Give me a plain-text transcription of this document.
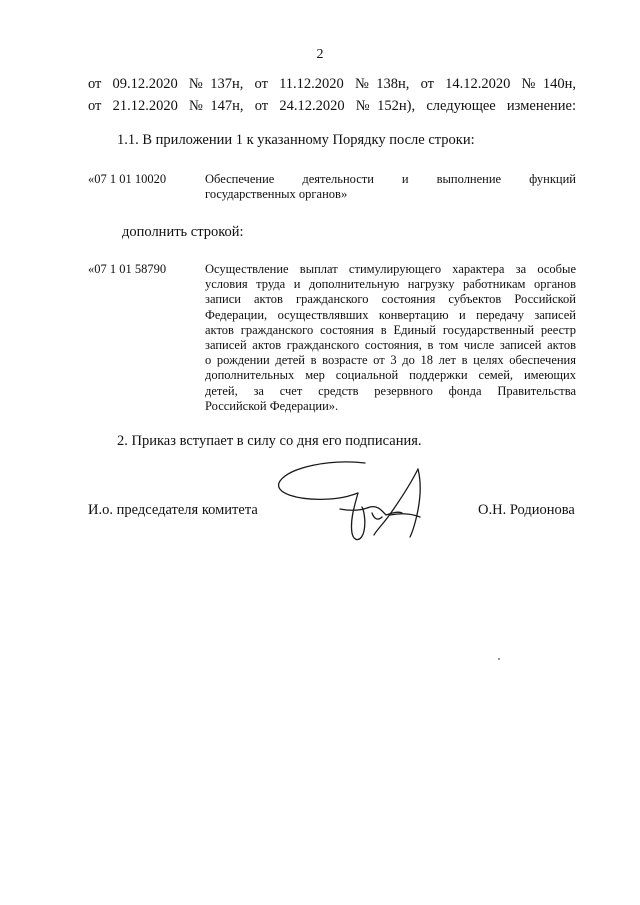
2
от 09.12.2020 №137н, от 11.12.2020 №138н, от 14.12.2020 №140н,
от 21.12.2020 №147н, от 24.12.2020 №152н), следующее изменение:
1.1. В приложении 1 к указанному Порядку после строки:
«07 1 01 10020	Обеспечение деятельности и выполнение функций
государственных органов»
дополнить строкой:
«07 1 01 58790	Осуществление выплат стимулирующего характера за особые
условия труда и дополнительную нагрузку работникам органов
записи актов гражданского состояния субъектов Российской
Федерации, осуществлявших конвертацию и передачу записей
актов гражданского состояния в Единый государственный реестр
записей актов гражданского состояния, в том числе записей актов
о рождении детей в возрасте от 3 до 18 лет в целях обеспечения
дополнительных мер социальной поддержки семей, имеющих
детей, за счет средств резервного фонда Правительства
Российской Федерации».
2. Приказ вступает в силу со дня его подписания.
И.о. председателя комитета	О.Н. Родионова
